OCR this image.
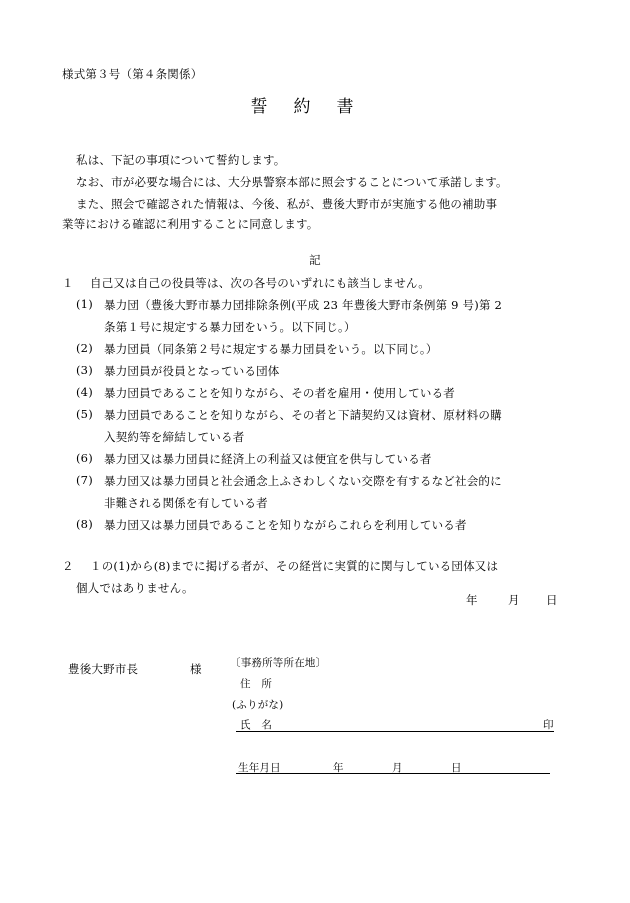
様式第３号（第４条関係）
誓約書
私は、下記の事項について誓約します。
なお、市が必要な場合には、大分県警察本部に照会することについて承諾します。
また、照会で確認された情報は、今後、私が、豊後大野市が実施する他の補助事
業等における確認に利用することに同意します。
記
１ 自己又は自己の役員等は、次の各号のいずれにも該当しません。
(1) 暴力団（豊後大野市暴力団排除条例(平成 23 年豊後大野市条例第 9 号)第 2
条第１号に規定する暴力団をいう。以下同じ。）
(2) 暴力団員（同条第２号に規定する暴力団員をいう。以下同じ。）
(3) 暴力団員が役員となっている団体
(4) 暴力団員であることを知りながら、その者を雇用・使用している者
(5) 暴力団員であることを知りながら、その者と下請契約又は資材、原材料の購
入契約等を締結している者
(6) 暴力団又は暴力団員に経済上の利益又は便宜を供与している者
(7) 暴力団又は暴力団員と社会通念上ふさわしくない交際を有するなど社会的に
非難される関係を有している者
(8) 暴力団又は暴力団員であることを知りながらこれらを利用している者
２ １の(1)から(8)までに掲げる者が、その経営に実質的に関与している団体又は
個人ではありません。
年	月 日
豊後大野市長	様	〔事務所等所在地〕
住　所
(ふりがな)
氏　名	印
生年月日	年	月	日
